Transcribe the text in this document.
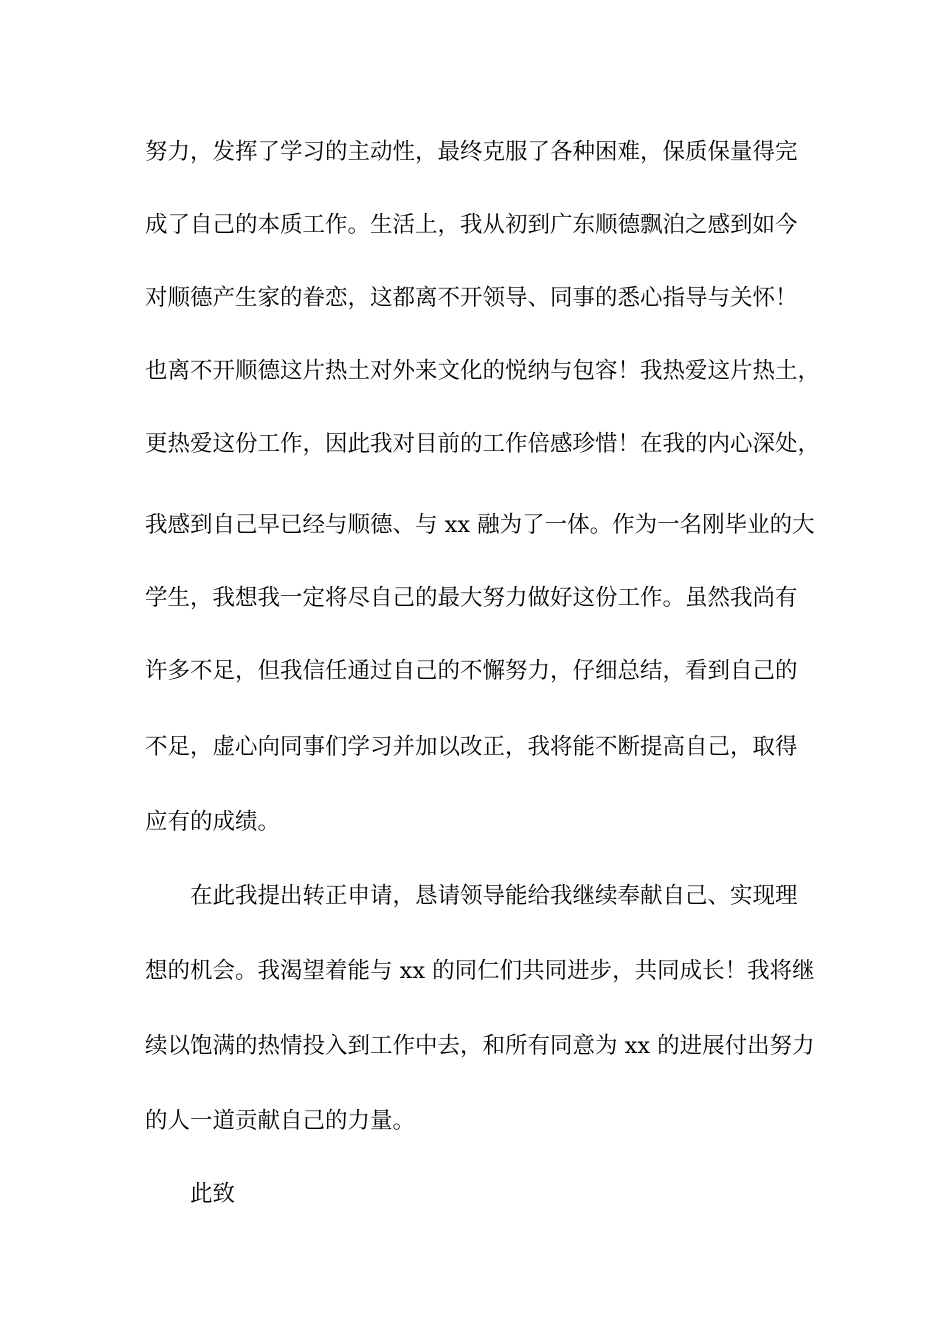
努力，发挥了学习的主动性，最终克服了各种困难，保质保量得完
成了自己的本质工作。生活上，我从初到广东顺德飘泊之感到如今
对顺德产生家的眷恋，这都离不开领导、同事的悉心指导与关怀！
也离不开顺德这片热土对外来文化的悦纳与包容！我热爱这片热土，
更热爱这份工作，因此我对目前的工作倍感珍惜！在我的内心深处，
我感到自己早已经与顺德、与 xx 融为了一体。作为一名刚毕业的大
学生，我想我一定将尽自己的最大努力做好这份工作。虽然我尚有
许多不足，但我信任通过自己的不懈努力，仔细总结，看到自己的
不足，虚心向同事们学习并加以改正，我将能不断提高自己，取得
应有的成绩。
在此我提出转正申请，恳请领导能给我继续奉献自己、实现理
想的机会。我渴望着能与 xx 的同仁们共同进步，共同成长！我将继
续以饱满的热情投入到工作中去，和所有同意为 xx 的进展付出努力
的人一道贡献自己的力量。
此致
